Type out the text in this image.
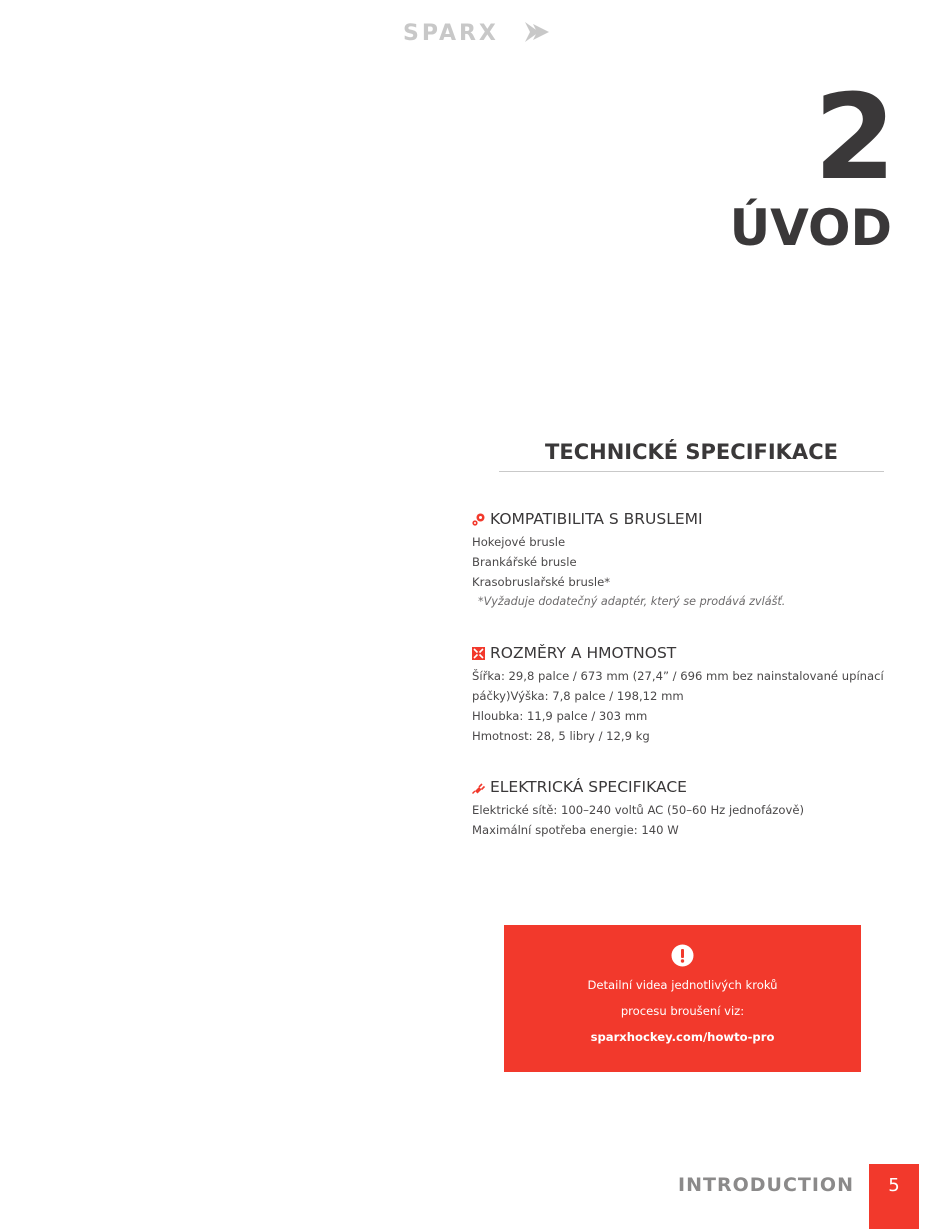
SPARX
2
ÚVOD
TECHNICKÉ SPECIFIKACE
KOMPATIBILITA S BRUSLEMI
Hokejové brusle
Brankářské brusle
Krasobruslařské brusle*
*Vyžaduje dodatečný adaptér, který se prodává zvlášť.
ROZMĚRY A HMOTNOST
Šířka: 29,8 palce / 673 mm (27,4” / 696 mm bez nainstalované upínací páčky)Výška: 7,8 palce / 198,12 mm
Hloubka: 11,9 palce / 303 mm
Hmotnost: 28, 5 libry / 12,9 kg
ELEKTRICKÁ SPECIFIKACE
Elektrické sítě: 100–240 voltů AC (50–60 Hz jednofázově)
Maximální spotřeba energie: 140 W
Detailní videa jednotlivých kroků
procesu broušení viz:
sparxhockey.com/howto-pro
INTRODUCTION	5
